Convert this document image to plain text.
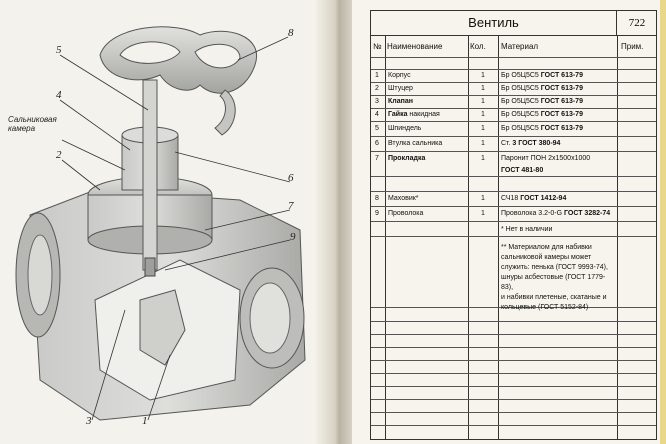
5
4
Сальниковая
камера
2
8
6
7
9
3	1
Вентиль	722
№ Наименование	Кол.	Материал	Прим.
1 Корпус	1 Бр О5Ц5С5 ГОСТ 613-79
2 Штуцер	1 Бр О5Ц5С5 ГОСТ 613-79
3 Клапан	1 Бр О5Ц5С5 ГОСТ 613-79
4 Гайка накидная	1 Бр О5Ц5С5 ГОСТ 613-79
5 Шпиндель	1 Бр О5Ц5С5 ГОСТ 613-79
6 Втулка сальника	1 Ст. 3 ГОСТ 380-94
7 Прокладка	1 Паронит ПОН 2х1500х1000
ГОСТ 481-80
8 Маховик*	1 СЧ18 ГОСТ 1412-94
9 Проволока	1 Проволока 3.2-0-G ГОСТ 3282-74
* Нет в наличии
** Материалом для набивки
сальниковой камеры может
служить: пенька (ГОСТ 9993-74),
шнуры асбестовые (ГОСТ 1779-83),
и набивки плетеные, скатаные и
кольцевые (ГОСТ 5152-84)
